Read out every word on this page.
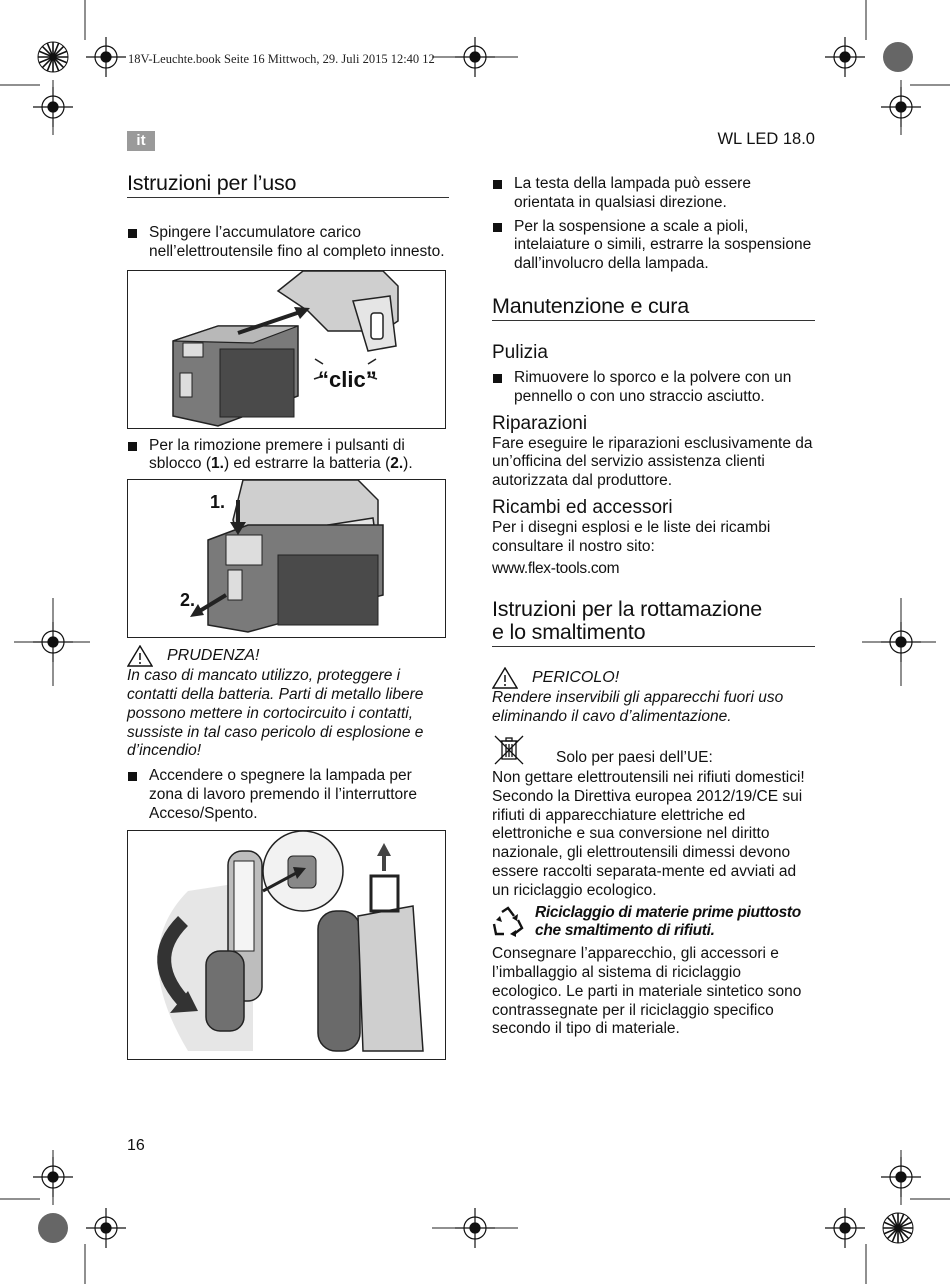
18V-Leuchte.book Seite 16 Mittwoch, 29. Juli 2015 12:40 12
it	WL LED 18.0
Istruzioni per l’uso
Spingere l’accumulatore carico nell’elettroutensile fino al completo innesto.
“clic”
Per la rimozione premere i pulsanti di sblocco (1.) ed estrarre la batteria (2.).
1.
2.
PRUDENZA!

In caso di mancato utilizzo, proteggere i contatti della batteria. Parti di metallo libere possono mettere in cortocircuito i contatti, sussiste in tal caso pericolo di esplosione e d’incendio!

Accendere o spegnere la lampada per zona di lavoro premendo il l’interruttore Acceso/Spento.
La testa della lampada può essere orientata in qualsiasi direzione.
Per la sospensione a scale a pioli, intelaiature o simili, estrarre la sospensione dall’involucro della lampada.
Manutenzione e cura
Pulizia
Rimuovere lo sporco e la polvere con un pennello o con uno straccio asciutto.
Riparazioni

Fare eseguire le riparazioni esclusivamente da un’officina del servizio assistenza clienti autorizzata dal produttore.

Ricambi ed accessori

Per i disegni esplosi e le liste dei ricambi consultare il nostro sito:

www.flex-tools.com

Istruzioni per la rottamazione
e lo smaltimento
PERICOLO!

Rendere inservibili gli apparecchi fuori uso eliminando il cavo d’alimentazione.

Solo per paesi dell’UE:

Non gettare elettroutensili nei rifiuti domestici! Secondo la Direttiva europea 2012/19/CE sui rifiuti di apparecchiature elettriche ed elettroniche e sua conversione nel diritto nazionale, gli elettroutensili dimessi devono essere raccolti separata-mente ed avviati ad un riciclaggio ecologico.

Riciclaggio di materie prime piuttosto che smaltimento di rifiuti.

Consegnare l’apparecchio, gli accessori e l’imballaggio al sistema di riciclaggio ecologico. Le parti in materiale sintetico sono contrassegnate per il riciclaggio specifico secondo il tipo di materiale.

16
